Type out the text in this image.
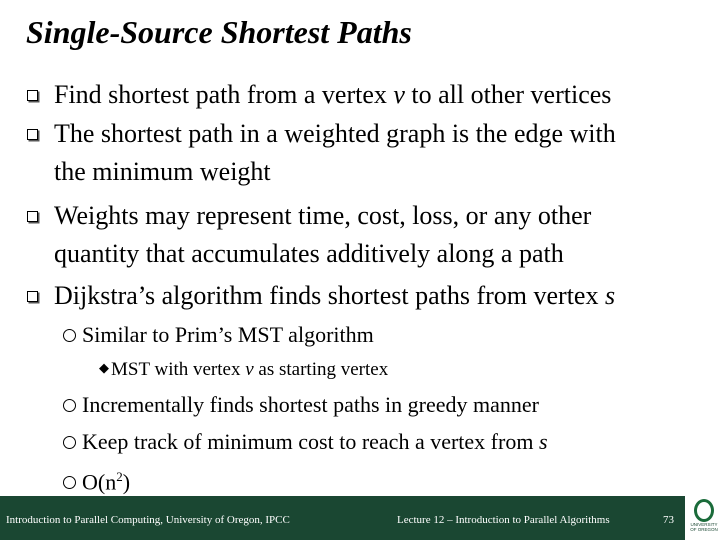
Single-Source Shortest Paths
Find shortest path from a vertex v to all other vertices
The shortest path in a weighted graph is the edge with
the minimum weight
Weights may represent time, cost, loss, or any other
quantity that accumulates additively along a path
Dijkstra’s algorithm finds shortest paths from vertex s
Similar to Prim’s MST algorithm
◆ MST with vertex v as starting vertex
Incrementally finds shortest paths in greedy manner
Keep track of minimum cost to reach a vertex from s
$O(n^2)$
Introduction to Parallel Computing, University of Oregon, IPCC	Lecture 12 – Introduction to Parallel Algorithms	73	UNIVERSITY
OF OREGON
